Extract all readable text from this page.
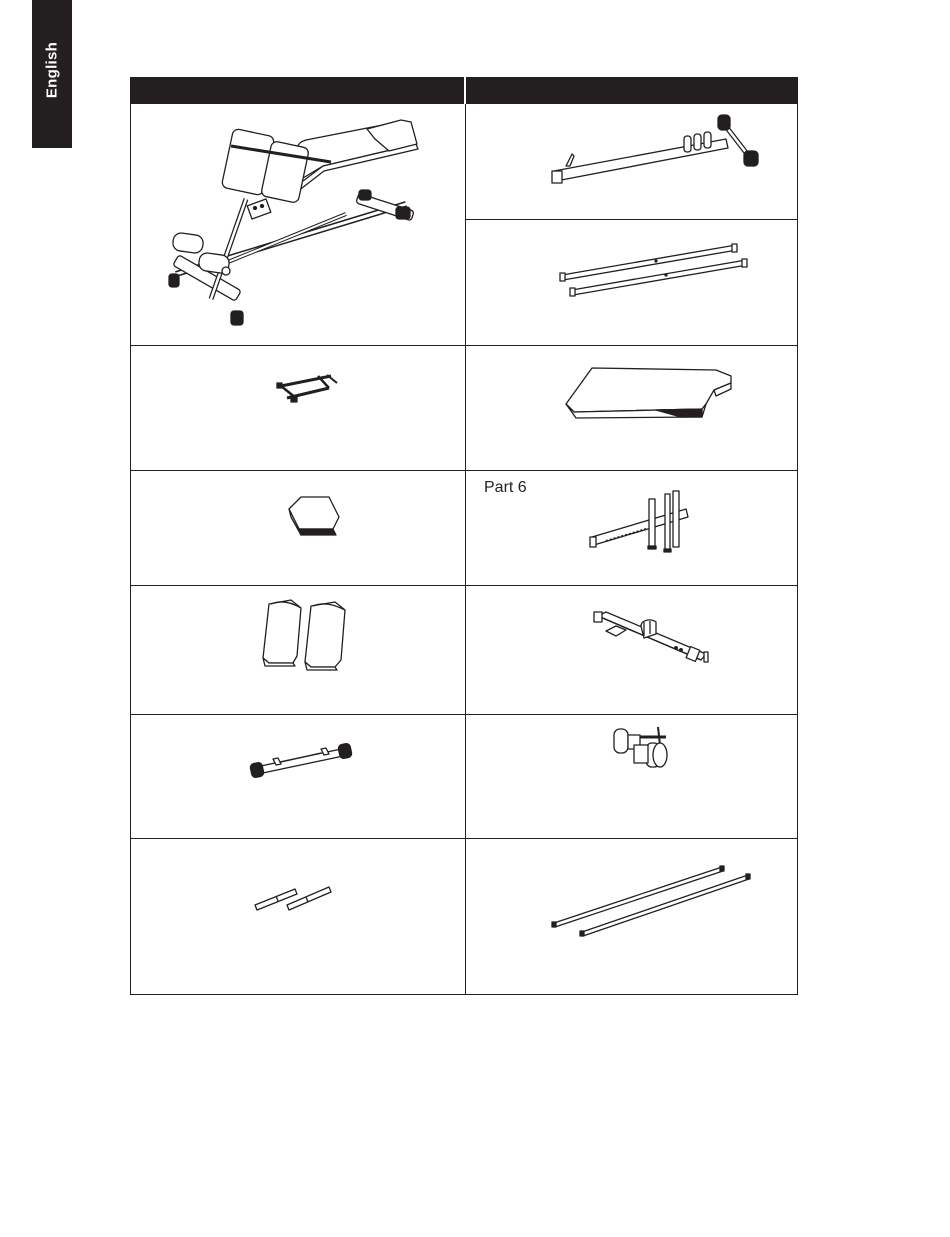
English
Part 6
